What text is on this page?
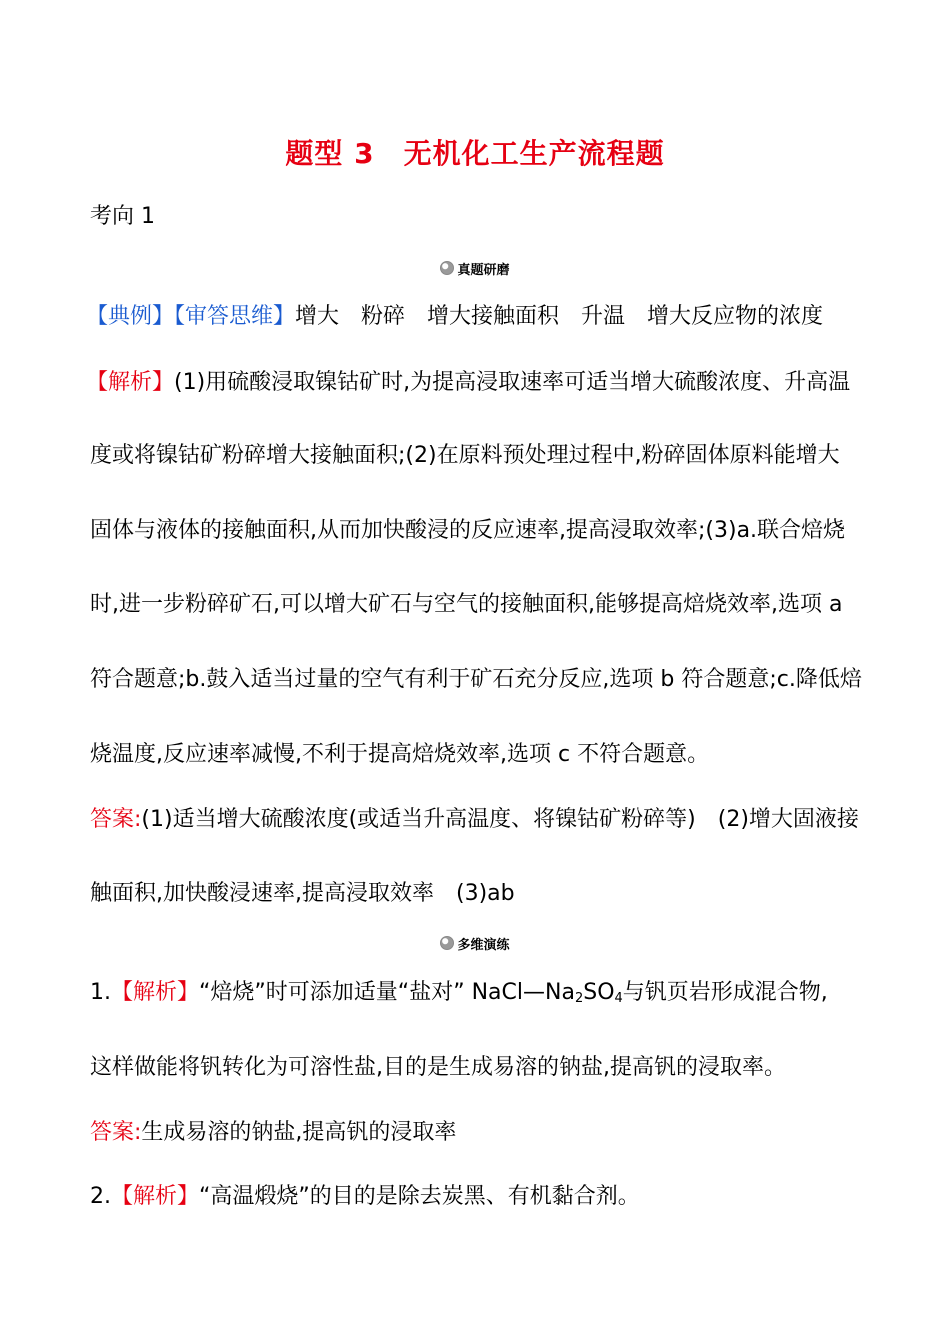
题型 3　无机化工生产流程题
考向 1
真题研磨
【典例】【审答思维】增大　粉碎　增大接触面积　升温　增大反应物的浓度
【解析】(1)用硫酸浸取镍钴矿时,为提高浸取速率可适当增大硫酸浓度、升高温
度或将镍钴矿粉碎增大接触面积;(2)在原料预处理过程中,粉碎固体原料能增大
固体与液体的接触面积,从而加快酸浸的反应速率,提高浸取效率;(3)a.联合焙烧
时,进一步粉碎矿石,可以增大矿石与空气的接触面积,能够提高焙烧效率,选项 a
符合题意;b.鼓入适当过量的空气有利于矿石充分反应,选项 b 符合题意;c.降低焙
烧温度,反应速率减慢,不利于提高焙烧效率,选项 c 不符合题意。
答案:(1)适当增大硫酸浓度(或适当升高温度、将镍钴矿粉碎等)　(2)增大固液接
触面积,加快酸浸速率,提高浸取效率　(3)ab
多维演练
1.【解析】“焙烧”时可添加适量“盐对” $NaCl—Na_2SO_4$与钒页岩形成混合物,
这样做能将钒转化为可溶性盐,目的是生成易溶的钠盐,提高钒的浸取率。
答案:生成易溶的钠盐,提高钒的浸取率
2.【解析】“高温煅烧”的目的是除去炭黑、有机黏合剂。
